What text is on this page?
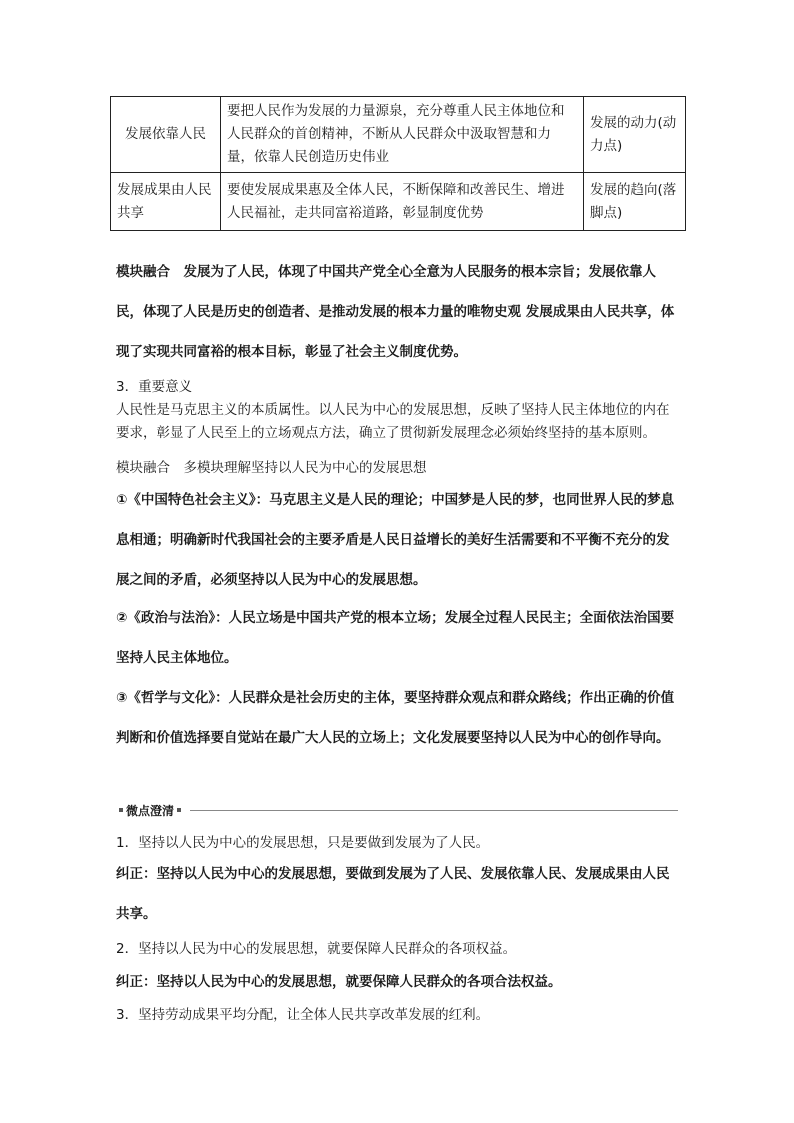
发展依靠人民	要把人民作为发展的力量源泉，充分尊重人民主体地位和人民群众的首创精神，不断从人民群众中汲取智慧和力量，依靠人民创造历史伟业	发展的动力(动力点)
发展成果由人民共享	要使发展成果惠及全体人民，不断保障和改善民生、增进人民福祉，走共同富裕道路，彰显制度优势	发展的趋向(落脚点)
模块融合　发展为了人民，体现了中国共产党全心全意为人民服务的根本宗旨；发展依靠人民，体现了人民是历史的创造者、是推动发展的根本力量的唯物史观 发展成果由人民共享，体现了实现共同富裕的根本目标，彰显了社会主义制度优势。
3．重要意义
人民性是马克思主义的本质属性。以人民为中心的发展思想，反映了坚持人民主体地位的内在要求，彰显了人民至上的立场观点方法，确立了贯彻新发展理念必须始终坚持的基本原则。
模块融合　多模块理解坚持以人民为中心的发展思想
①《中国特色社会主义》：马克思主义是人民的理论；中国梦是人民的梦，也同世界人民的梦息息相通；明确新时代我国社会的主要矛盾是人民日益增长的美好生活需要和不平衡不充分的发展之间的矛盾，必须坚持以人民为中心的发展思想。
②《政治与法治》：人民立场是中国共产党的根本立场；发展全过程人民民主；全面依法治国要坚持人民主体地位。
③《哲学与文化》：人民群众是社会历史的主体，要坚持群众观点和群众路线；作出正确的价值判断和价值选择要自觉站在最广大人民的立场上；文化发展要坚持以人民为中心的创作导向。
微点澄清
1．坚持以人民为中心的发展思想，只是要做到发展为了人民。
纠正：坚持以人民为中心的发展思想，要做到发展为了人民、发展依靠人民、发展成果由人民共享。
2．坚持以人民为中心的发展思想，就要保障人民群众的各项权益。
纠正：坚持以人民为中心的发展思想，就要保障人民群众的各项合法权益。
3．坚持劳动成果平均分配，让全体人民共享改革发展的红利。
